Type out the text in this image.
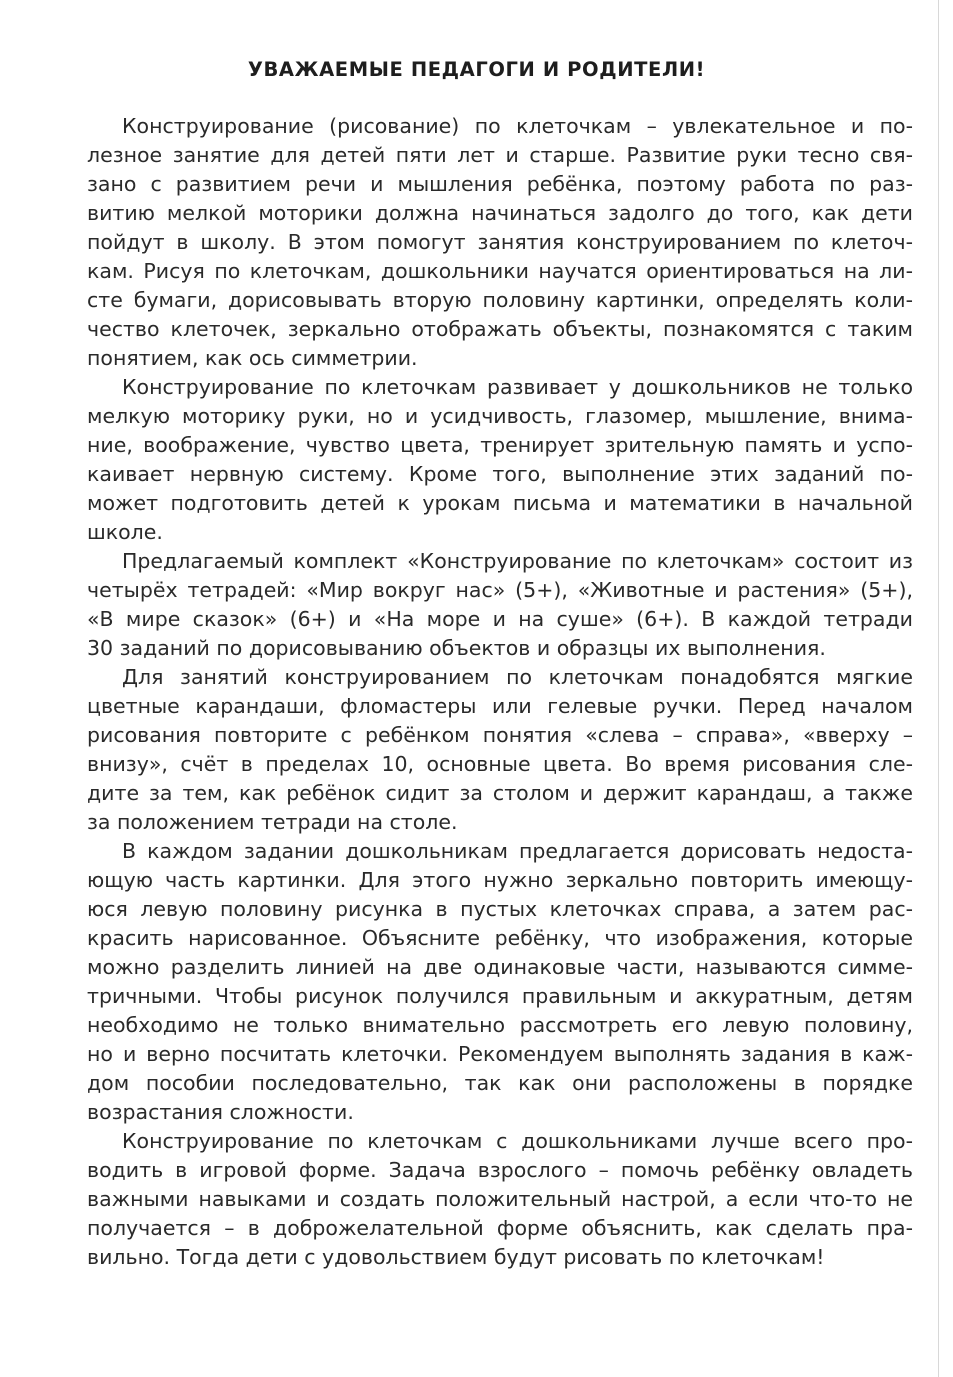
УВАЖАЕМЫЕ ПЕДАГОГИ И РОДИТЕЛИ!
Конструирование (рисование) по клеточкам – увлекательное и по-
лезное занятие для детей пяти лет и старше. Развитие руки тесно свя-
зано с развитием речи и мышления ребёнка, поэтому работа по раз-
витию мелкой моторики должна начинаться задолго до того, как дети
пойдут в школу. В этом помогут занятия конструированием по клеточ-
кам. Рисуя по клеточкам, дошкольники научатся ориентироваться на ли-
сте бумаги, дорисовывать вторую половину картинки, определять коли-
чество клеточек, зеркально отображать объекты, познакомятся с таким
понятием, как ось симметрии.
Конструирование по клеточкам развивает у дошкольников не только
мелкую моторику руки, но и усидчивость, глазомер, мышление, внима-
ние, воображение, чувство цвета, тренирует зрительную память и успо-
каивает нервную систему. Кроме того, выполнение этих заданий по-
может подготовить детей к урокам письма и математики в начальной
школе.
Предлагаемый комплект «Конструирование по клеточкам» состоит из
четырёх тетрадей: «Мир вокруг нас» (5+), «Животные и растения» (5+),
«В мире сказок» (6+) и «На море и на суше» (6+). В каждой тетради
30 заданий по дорисовыванию объектов и образцы их выполнения.
Для занятий конструированием по клеточкам понадобятся мягкие
цветные карандаши, фломастеры или гелевые ручки. Перед началом
рисования повторите с ребёнком понятия «слева – справа», «вверху –
внизу», счёт в пределах 10, основные цвета. Во время рисования сле-
дите за тем, как ребёнок сидит за столом и держит карандаш, а также
за положением тетради на столе.
В каждом задании дошкольникам предлагается дорисовать недоста-
ющую часть картинки. Для этого нужно зеркально повторить имеющу-
юся левую половину рисунка в пустых клеточках справа, а затем рас-
красить нарисованное. Объясните ребёнку, что изображения, которые
можно разделить линией на две одинаковые части, называются симме-
тричными. Чтобы рисунок получился правильным и аккуратным, детям
необходимо не только внимательно рассмотреть его левую половину,
но и верно посчитать клеточки. Рекомендуем выполнять задания в каж-
дом пособии последовательно, так как они расположены в порядке
возрастания сложности.
Конструирование по клеточкам с дошкольниками лучше всего про-
водить в игровой форме. Задача взрослого – помочь ребёнку овладеть
важными навыками и создать положительный настрой, а если что-то не
получается – в доброжелательной форме объяснить, как сделать пра-
вильно. Тогда дети с удовольствием будут рисовать по клеточкам!
